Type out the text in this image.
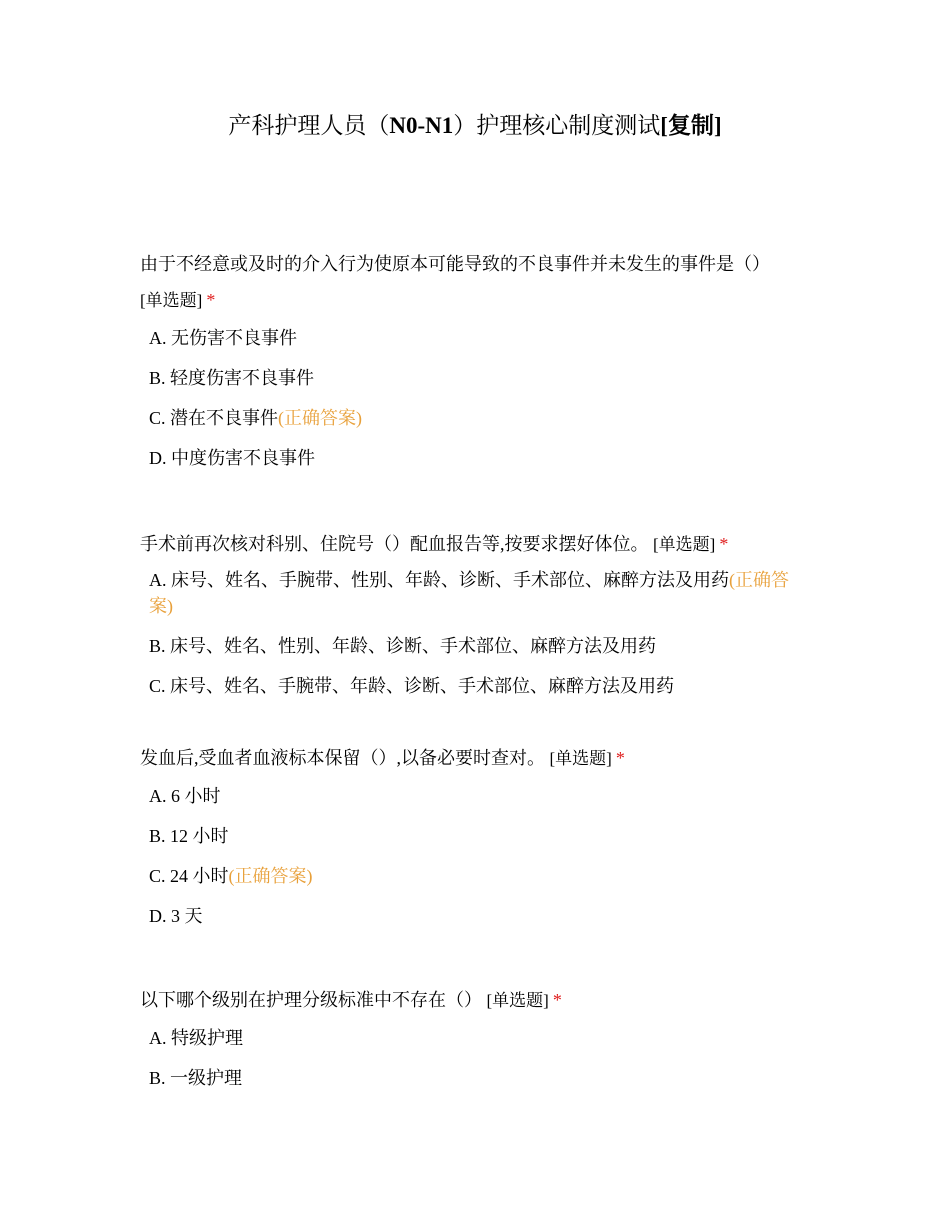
产科护理人员（N0-N1）护理核心制度测试[复制]

由于不经意或及时的介入行为使原本可能导致的不良事件并未发生的事件是（）
[单选题] *

A. 无伤害不良事件
B. 轻度伤害不良事件
C. 潜在不良事件(正确答案)
D. 中度伤害不良事件

手术前再次核对科别、住院号（）配血报告等,按要求摆好体位。 [单选题] *

A. 床号、姓名、手腕带、性别、年龄、诊断、手术部位、麻醉方法及用药(正确答案)
B. 床号、姓名、性别、年龄、诊断、手术部位、麻醉方法及用药
C. 床号、姓名、手腕带、年龄、诊断、手术部位、麻醉方法及用药

发血后,受血者血液标本保留（）,以备必要时查对。 [单选题] *

A. 6 小时
B. 12 小时
C. 24 小时(正确答案)
D. 3 天

以下哪个级别在护理分级标准中不存在（） [单选题] *

A. 特级护理
B. 一级护理
